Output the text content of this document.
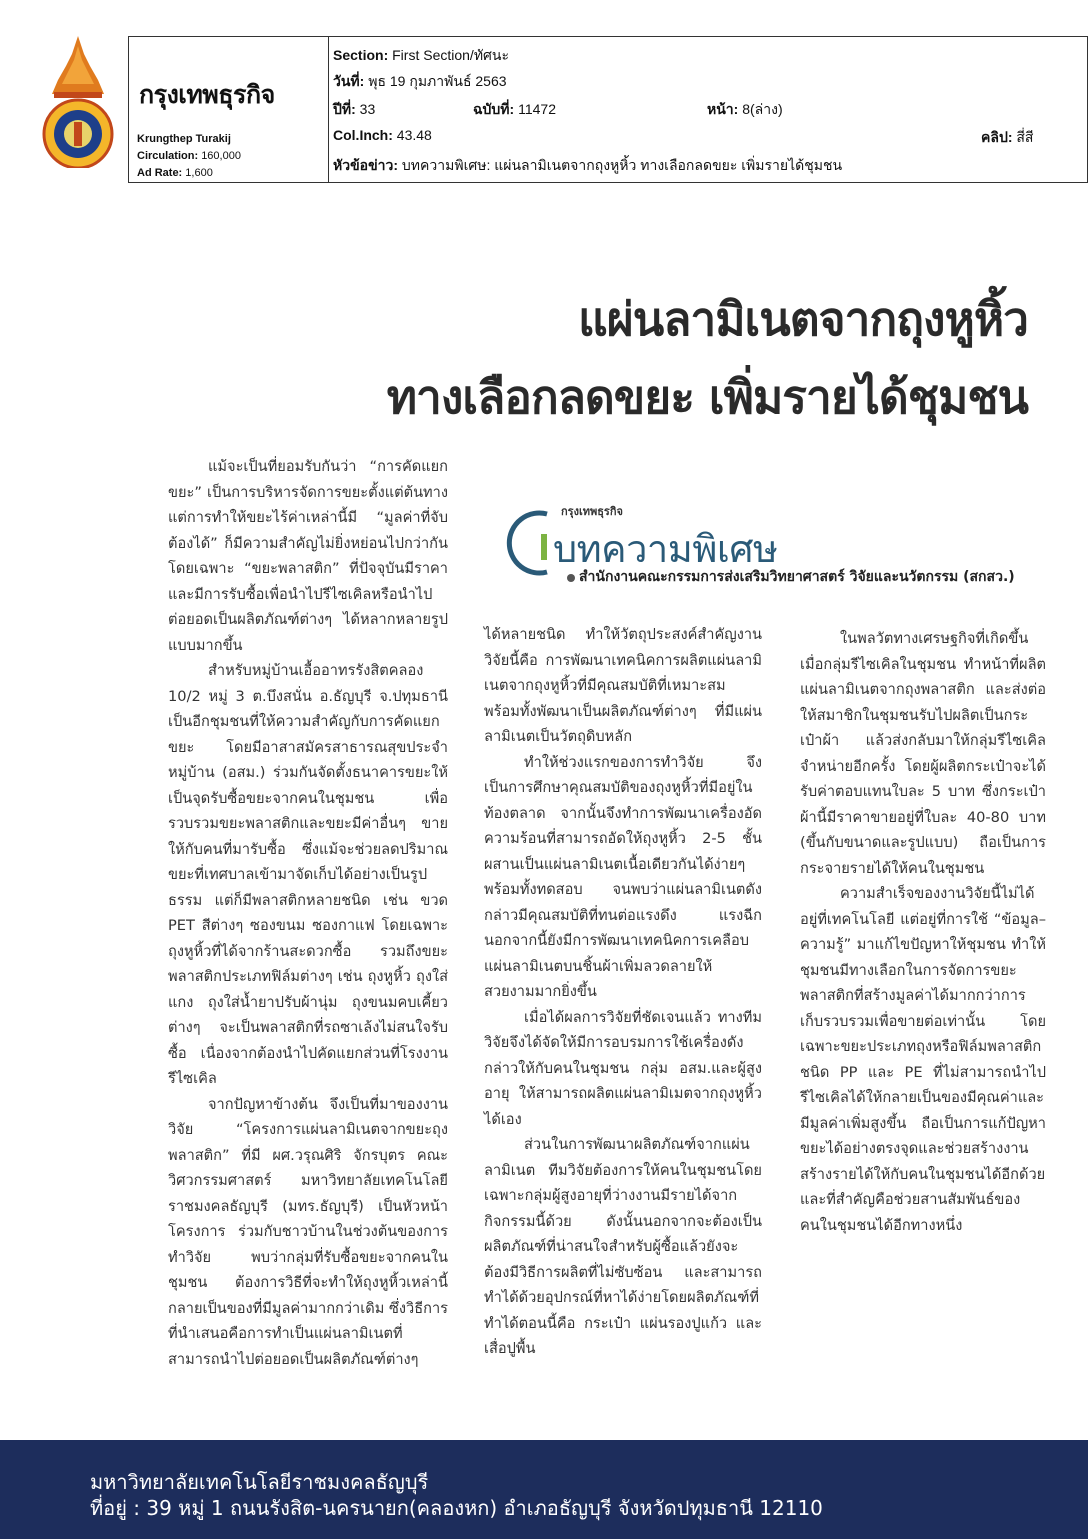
กรุงเทพธุรกิจ
Krungthep Turakij
Circulation: 160,000
Ad Rate: 1,600
Section: First Section/ทัศนะ
วันที่: พุธ 19 กุมภาพันธ์ 2563
ปีที่: 33	ฉบับที่: 11472	หน้า: 8(ล่าง)
Col.Inch: 43.48	คลิป: สี่สี
หัวข้อข่าว: บทความพิเศษ: แผ่นลามิเนตจากถุงหูหิ้ว ทางเลือกลดขยะ เพิ่มรายได้ชุมชน
แผ่นลามิเนตจากถุงหูหิ้ว
ทางเลือกลดขยะ เพิ่มรายได้ชุมชน
กรุงเทพธุรกิจ
บทความพิเศษ
สำนักงานคณะกรรมการส่งเสริมวิทยาศาสตร์ วิจัยและนวัตกรรม (สกสว.)

แม้จะเป็นที่ยอมรับกันว่า “การคัดแยกขยะ” เป็นการบริหารจัดการขยะตั้งแต่ต้นทาง แต่การทำให้ขยะไร้ค่าเหล่านี้มี “มูลค่าที่จับต้องได้” ก็มีความสำคัญไม่ยิ่งหย่อนไปกว่ากันโดยเฉพาะ “ขยะพลาสติก” ที่ปัจจุบันมีราคาและมีการรับซื้อเพื่อนำไปรีไซเคิลหรือนำไปต่อยอดเป็นผลิตภัณฑ์ต่างๆ ได้หลากหลายรูปแบบมากขึ้น

สำหรับหมู่บ้านเอื้ออาทรรังสิตคลอง 10/2 หมู่ 3 ต.บึงสนั่น อ.ธัญบุรี จ.ปทุมธานี เป็นอีกชุมชนที่ให้ความสำคัญกับการคัดแยกขยะ โดยมีอาสาสมัครสาธารณสุขประจำหมู่บ้าน (อสม.) ร่วมกันจัดตั้งธนาคารขยะให้เป็นจุดรับซื้อขยะจากคนในชุมชน เพื่อรวบรวมขยะพลาสติกและขยะมีค่าอื่นๆ ขายให้กับคนที่มารับซื้อ ซึ่งแม้จะช่วยลดปริมาณขยะที่เทศบาลเข้ามาจัดเก็บได้อย่างเป็นรูปธรรม แต่ก็มีพลาสติกหลายชนิด เช่น ขวด PET สีต่างๆ ซองขนม ซองกาแฟ โดยเฉพาะถุงหูหิ้วที่ได้จากร้านสะดวกซื้อ รวมถึงขยะพลาสติกประเภทฟิล์มต่างๆ เช่น ถุงหูหิ้ว ถุงใส่แกง ถุงใส่น้ำยาปรับผ้านุ่ม ถุงขนมคบเคี้ยวต่างๆ จะเป็นพลาสติกที่รถซาเล้งไม่สนใจรับซื้อ เนื่องจากต้องนำไปคัดแยกส่วนที่โรงงานรีไซเคิล

จากปัญหาข้างต้น จึงเป็นที่มาของงานวิจัย “โครงการแผ่นลามิเนตจากขยะถุงพลาสติก” ที่มี ผศ.วรุณศิริ จักรบุตร คณะวิศวกรรมศาสตร์ มหาวิทยาลัยเทคโนโลยีราชมงคลธัญบุรี (มทร.ธัญบุรี) เป็นหัวหน้าโครงการ ร่วมกับชาวบ้านในช่วงต้นของการทำวิจัย พบว่ากลุ่มที่รับซื้อขยะจากคนในชุมชน ต้องการวิธีที่จะทำให้ถุงหูหิ้วเหล่านี้กลายเป็นของที่มีมูลค่ามากกว่าเดิม ซึ่งวิธีการที่นำเสนอคือการทำเป็นแผ่นลามิเนตที่สามารถนำไปต่อยอดเป็นผลิตภัณฑ์ต่างๆ

ได้หลายชนิด ทำให้วัตถุประสงค์สำคัญงานวิจัยนี้คือ การพัฒนาเทคนิคการผลิตแผ่นลามิเนตจากถุงหูหิ้วที่มีคุณสมบัติที่เหมาะสม พร้อมทั้งพัฒนาเป็นผลิตภัณฑ์ต่างๆ ที่มีแผ่นลามิเนตเป็นวัตถุดิบหลัก

ทำให้ช่วงแรกของการทำวิจัย จึงเป็นการศึกษาคุณสมบัติของถุงหูหิ้วที่มีอยู่ในท้องตลาด จากนั้นจึงทำการพัฒนาเครื่องอัดความร้อนที่สามารถอัดให้ถุงหูหิ้ว 2-5 ชั้น ผสานเป็นแผ่นลามิเนตเนื้อเดียวกันได้ง่ายๆ พร้อมทั้งทดสอบ จนพบว่าแผ่นลามิเนตดังกล่าวมีคุณสมบัติที่ทนต่อแรงดึง แรงฉีก นอกจากนี้ยังมีการพัฒนาเทคนิคการเคลือบแผ่นลามิเนตบนชิ้นผ้าเพิ่มลวดลายให้สวยงามมากยิ่งขึ้น

เมื่อได้ผลการวิจัยที่ชัดเจนแล้ว ทางทีมวิจัยจึงได้จัดให้มีการอบรมการใช้เครื่องดังกล่าวให้กับคนในชุมชน กลุ่ม อสม.และผู้สูงอายุ ให้สามารถผลิตแผ่นลามิเมตจากถุงหูหิ้วได้เอง

ส่วนในการพัฒนาผลิตภัณฑ์จากแผ่นลามิเนต ทีมวิจัยต้องการให้คนในชุมชนโดยเฉพาะกลุ่มผู้สูงอายุที่ว่างงานมีรายได้จากกิจกรรมนี้ด้วย ดังนั้นนอกจากจะต้องเป็นผลิตภัณฑ์ที่น่าสนใจสำหรับผู้ซื้อแล้วยังจะต้องมีวิธีการผลิตที่ไม่ซับซ้อน และสามารถทำได้ด้วยอุปกรณ์ที่หาได้ง่ายโดยผลิตภัณฑ์ที่ทำได้ตอนนี้คือ กระเป๋า แผ่นรองปูแก้ว และเสื่อปูพื้น

ในพลวัตทางเศรษฐกิจที่เกิดขึ้น เมื่อกลุ่มรีไซเคิลในชุมชน ทำหน้าที่ผลิตแผ่นลามิเนตจากถุงพลาสติก และส่งต่อให้สมาชิกในชุมชนรับไปผลิตเป็นกระเป๋าผ้า แล้วส่งกลับมาให้กลุ่มรีไซเคิลจำหน่ายอีกครั้ง โดยผู้ผลิตกระเป๋าจะได้รับค่าตอบแทนใบละ 5 บาท ซึ่งกระเป๋าผ้านี้มีราคาขายอยู่ที่ใบละ 40-80 บาท (ขึ้นกับขนาดและรูปแบบ) ถือเป็นการกระจายรายได้ให้คนในชุมชน

ความสำเร็จของงานวิจัยนี้ไม่ได้อยู่ที่เทคโนโลยี แต่อยู่ที่การใช้ “ข้อมูล–ความรู้” มาแก้ไขปัญหาให้ชุมชน ทำให้ชุมชนมีทางเลือกในการจัดการขยะพลาสติกที่สร้างมูลค่าได้มากกว่าการเก็บรวบรวมเพื่อขายต่อเท่านั้น โดยเฉพาะขยะประเภทถุงหรือฟิล์มพลาสติกชนิด PP และ PE ที่ไม่สามารถนำไปรีไซเคิลได้ให้กลายเป็นของมีคุณค่าและมีมูลค่าเพิ่มสูงขึ้น ถือเป็นการแก้ปัญหาขยะได้อย่างตรงจุดและช่วยสร้างงาน สร้างรายได้ให้กับคนในชุมชนได้อีกด้วย และที่สำคัญคือช่วยสานสัมพันธ์ของคนในชุมชนได้อีกทางหนึ่ง

มหาวิทยาลัยเทคโนโลยีราชมงคลธัญบุรี
ที่อยู่ : 39 หมู่ 1 ถนนรังสิต-นครนายก(คลองหก) อำเภอธัญบุรี จังหวัดปทุมธานี 12110
